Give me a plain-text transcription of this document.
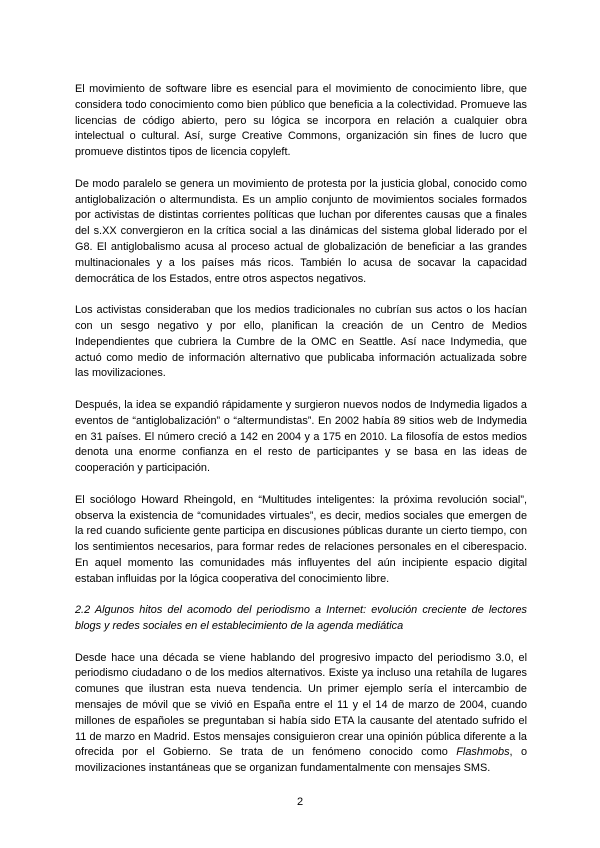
El movimiento de software libre es esencial para el movimiento de conocimiento libre, que considera todo conocimiento como bien público que beneficia a la colectividad. Promueve las licencias de código abierto, pero su lógica se incorpora en relación a cualquier obra intelectual o cultural. Así, surge Creative Commons, organización sin fines de lucro que promueve distintos tipos de licencia copyleft.

De modo paralelo se genera un movimiento de protesta por la justicia global, conocido como antiglobalización o altermundista. Es un amplio conjunto de movimientos sociales formados por activistas de distintas corrientes políticas que luchan por diferentes causas que a finales del s.XX convergieron en la crítica social a las dinámicas del sistema global liderado por el G8. El antiglobalismo acusa al proceso actual de globalización de beneficiar a las grandes multinacionales y a los países más ricos. También lo acusa de socavar la capacidad democrática de los Estados, entre otros aspectos negativos.

Los activistas consideraban que los medios tradicionales no cubrían sus actos o los hacían con un sesgo negativo y por ello, planifican la creación de un Centro de Medios Independientes que cubriera la Cumbre de la OMC en Seattle. Así nace Indymedia, que actuó como medio de información alternativo que publicaba información actualizada sobre las movilizaciones.

Después, la idea se expandió rápidamente y surgieron nuevos nodos de Indymedia ligados a eventos de “antiglobalización” o “altermundistas”. En 2002 había 89 sitios web de Indymedia en 31 países. El número creció a 142 en 2004 y a 175 en 2010. La filosofía de estos medios denota una enorme confianza en el resto de participantes y se basa en las ideas de cooperación y participación.

El sociólogo Howard Rheingold, en “Multitudes inteligentes: la próxima revolución social”, observa la existencia de “comunidades virtuales”, es decir, medios sociales que emergen de la red cuando suficiente gente participa en discusiones públicas durante un cierto tiempo, con los sentimientos necesarios, para formar redes de relaciones personales en el ciberespacio. En aquel momento las comunidades más influyentes del aún incipiente espacio digital estaban influidas por la lógica cooperativa del conocimiento libre.

2.2 Algunos hitos del acomodo del periodismo a Internet: evolución creciente de lectores blogs y redes sociales en el establecimiento de la agenda mediática

Desde hace una década se viene hablando del progresivo impacto del periodismo 3.0, el periodismo ciudadano o de los medios alternativos. Existe ya incluso una retahíla de lugares comunes que ilustran esta nueva tendencia. Un primer ejemplo sería el intercambio de mensajes de móvil que se vivió en España entre el 11 y el 14 de marzo de 2004, cuando millones de españoles se preguntaban si había sido ETA la causante del atentado sufrido el 11 de marzo en Madrid. Estos mensajes consiguieron crear una opinión pública diferente a la ofrecida por el Gobierno. Se trata de un fenómeno conocido como Flashmobs, o movilizaciones instantáneas que se organizan fundamentalmente con mensajes SMS.

2
